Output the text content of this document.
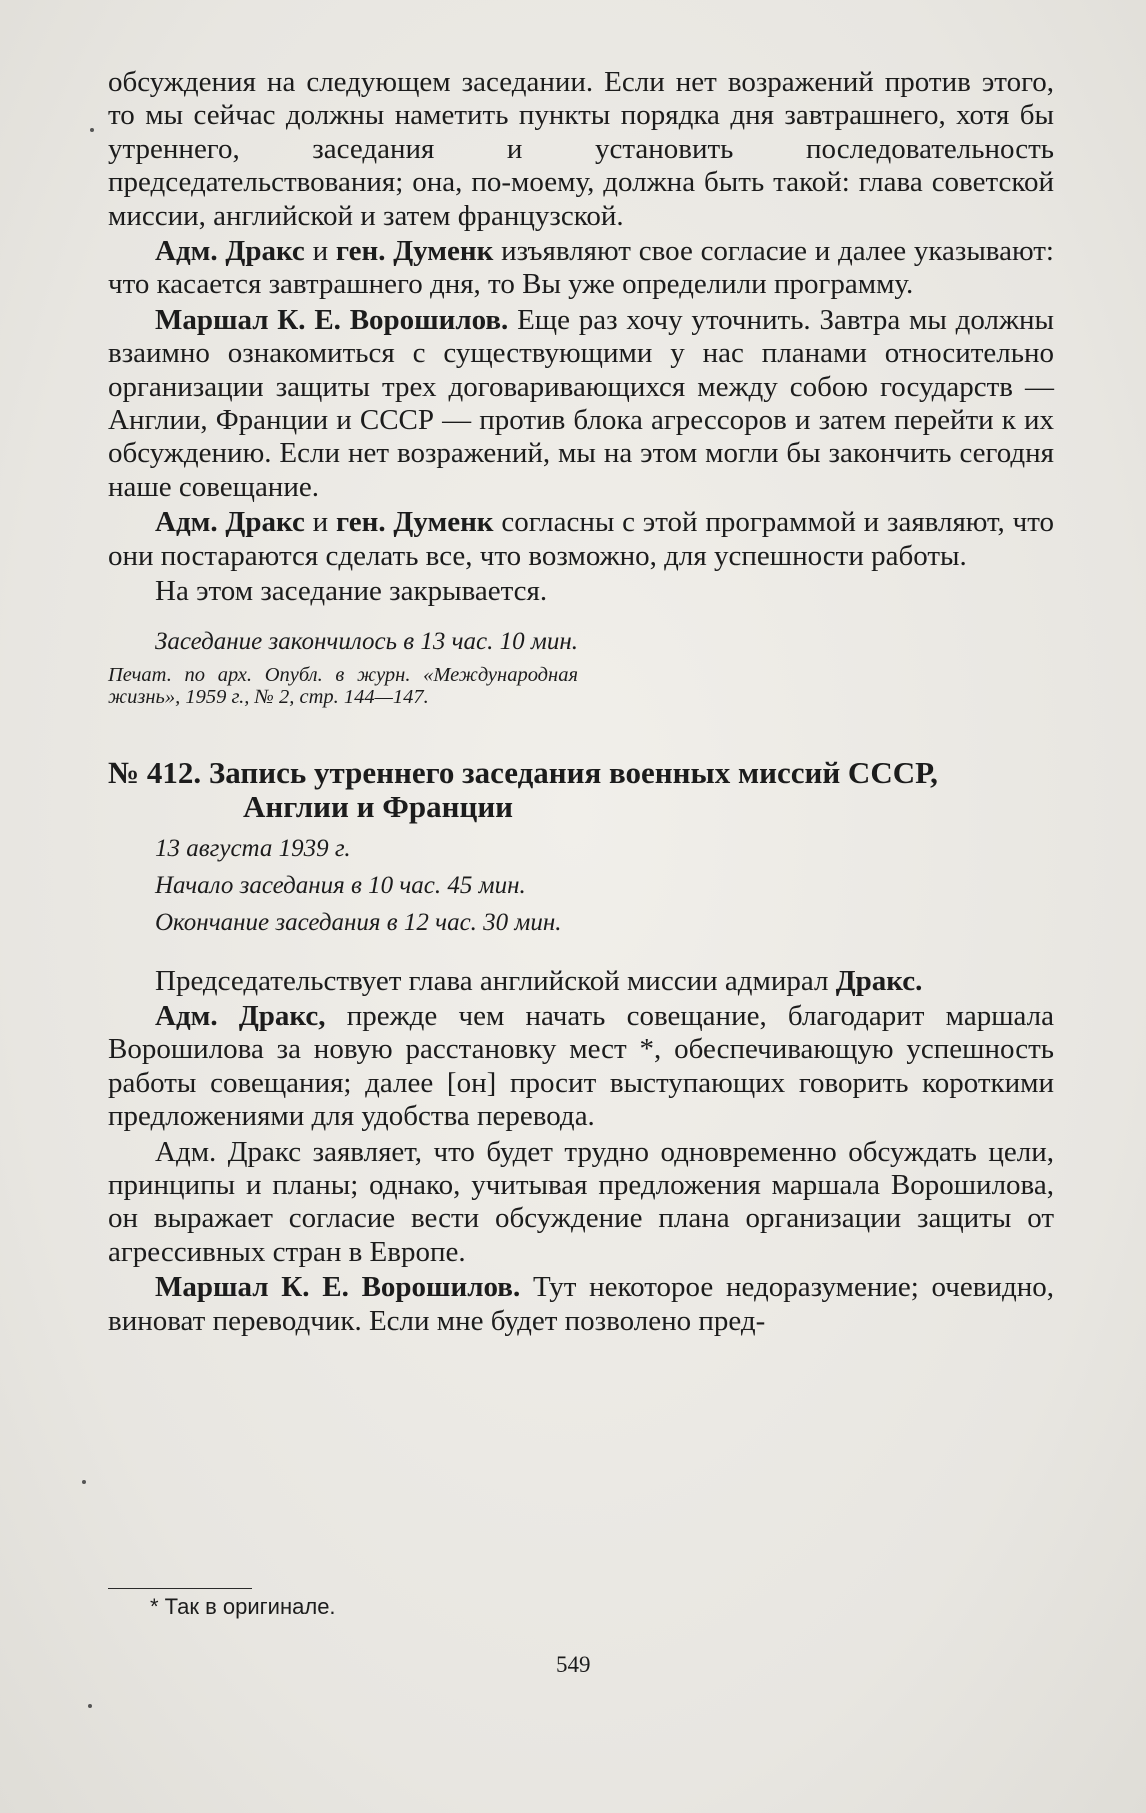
обсуждения на следующем заседании. Если нет возражений против этого, то мы сейчас должны наметить пункты порядка дня завтрашнего, хотя бы утреннего, заседания и установить последовательность председательствования; она, по-моему, должна быть такой: глава советской миссии, английской и затем французской.

Адм. Дракс и ген. Думенк изъявляют свое согласие и далее указывают: что касается завтрашнего дня, то Вы уже определили программу.

Маршал К. Е. Ворошилов. Еще раз хочу уточнить. Завтра мы должны взаимно ознакомиться с существующими у нас планами относительно организации защиты трех договаривающихся между собою государств — Англии, Франции и СССР — против блока агрессоров и затем перейти к их обсуждению. Если нет возражений, мы на этом могли бы закончить сегодня наше совещание.

Адм. Дракс и ген. Думенк согласны с этой программой и заявляют, что они постараются сделать все, что возможно, для успешности работы.

На этом заседание закрывается.

Заседание закончилось в 13 час. 10 мин.

Печат. по арх. Опубл. в журн. «Международная жизнь», 1959 г., № 2, стр. 144—147.

№ 412. Запись утреннего заседания военных миссий СССР,
Англии и Франции

13 августа 1939 г.

Начало заседания в 10 час. 45 мин.

Окончание заседания в 12 час. 30 мин.

Председательствует глава английской миссии адмирал Дракс.

Адм. Дракс, прежде чем начать совещание, благодарит маршала Ворошилова за новую расстановку мест *, обеспечивающую успешность работы совещания; далее [он] просит выступающих говорить короткими предложениями для удобства перевода.

Адм. Дракс заявляет, что будет трудно одновременно обсуждать цели, принципы и планы; однако, учитывая предложения маршала Ворошилова, он выражает согласие вести обсуждение плана организации защиты от агрессивных стран в Европе.

Маршал К. Е. Ворошилов. Тут некоторое недоразумение; очевидно, виноват переводчик. Если мне будет позволено пред-

* Так в оригинале.
549
